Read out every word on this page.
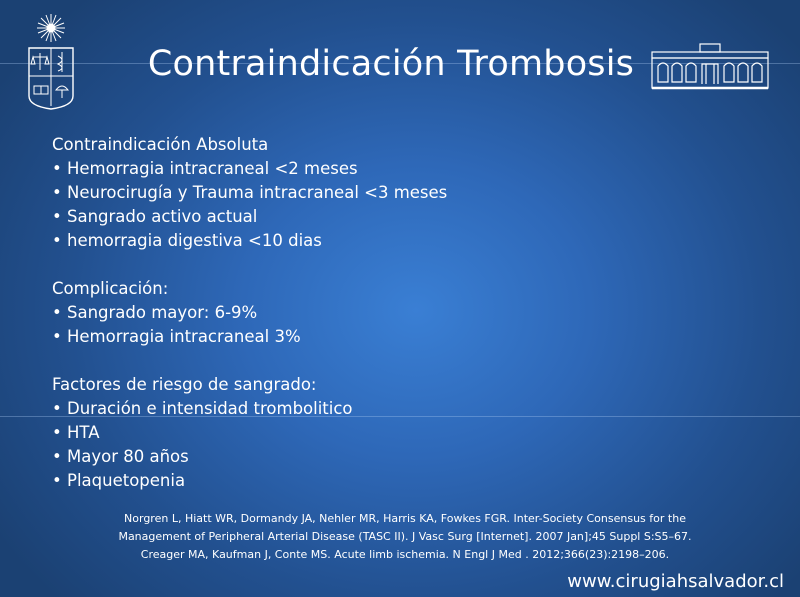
Contraindicación Trombosis
Contraindicación Absoluta
• Hemorragia intracraneal <2 meses
• Neurocirugía y Trauma intracraneal <3 meses
• Sangrado activo actual
• hemorragia digestiva <10 dias
Complicación:
• Sangrado mayor: 6-9%
• Hemorragia intracraneal 3%
Factores de riesgo de sangrado:
• Duración e intensidad trombolitico
• HTA
• Mayor 80 años
• Plaquetopenia
Norgren L, Hiatt WR, Dormandy JA, Nehler MR, Harris KA, Fowkes FGR. Inter-Society Consensus for the
Management of Peripheral Arterial Disease (TASC II). J Vasc Surg [Internet]. 2007 Jan];45 Suppl S:S5–67.
Creager MA, Kaufman J, Conte MS. Acute limb ischemia. N Engl J Med . 2012;366(23):2198–206.
www.cirugiahsalvador.cl
